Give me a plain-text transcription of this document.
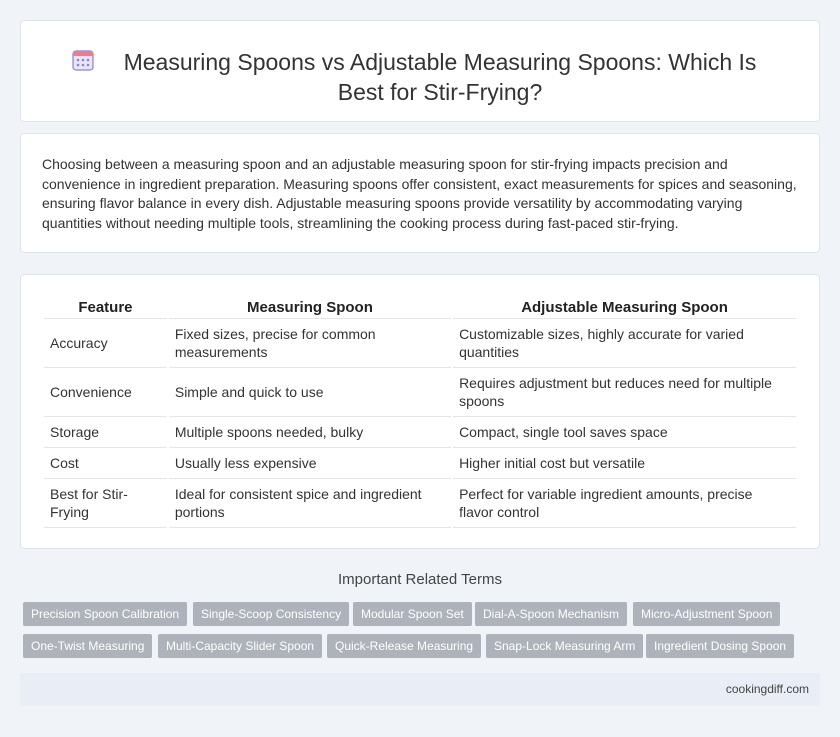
Measuring Spoons vs Adjustable Measuring Spoons: Which Is Best for Stir-Frying?

Choosing between a measuring spoon and an adjustable measuring spoon for stir-frying impacts precision and convenience in ingredient preparation. Measuring spoons offer consistent, exact measurements for spices and seasoning, ensuring flavor balance in every dish. Adjustable measuring spoons provide versatility by accommodating varying quantities without needing multiple tools, streamlining the cooking process during fast-paced stir-frying.

Feature	Measuring Spoon	Adjustable Measuring Spoon
Accuracy	Fixed sizes, precise for common measurements	Customizable sizes, highly accurate for varied quantities
Convenience	Simple and quick to use	Requires adjustment but reduces need for multiple spoons
Storage	Multiple spoons needed, bulky	Compact, single tool saves space
Cost	Usually less expensive	Higher initial cost but versatile
Best for Stir-Frying	Ideal for consistent spice and ingredient portions	Perfect for variable ingredient amounts, precise flavor control
Important Related Terms
Precision Spoon Calibration	Single-Scoop Consistency	Modular Spoon Set	Dial-A-Spoon Mechanism	Micro-Adjustment Spoon
One-Twist Measuring	Multi-Capacity Slider Spoon	Quick-Release Measuring	Snap-Lock Measuring Arm	Ingredient Dosing Spoon
cookingdiff.com
